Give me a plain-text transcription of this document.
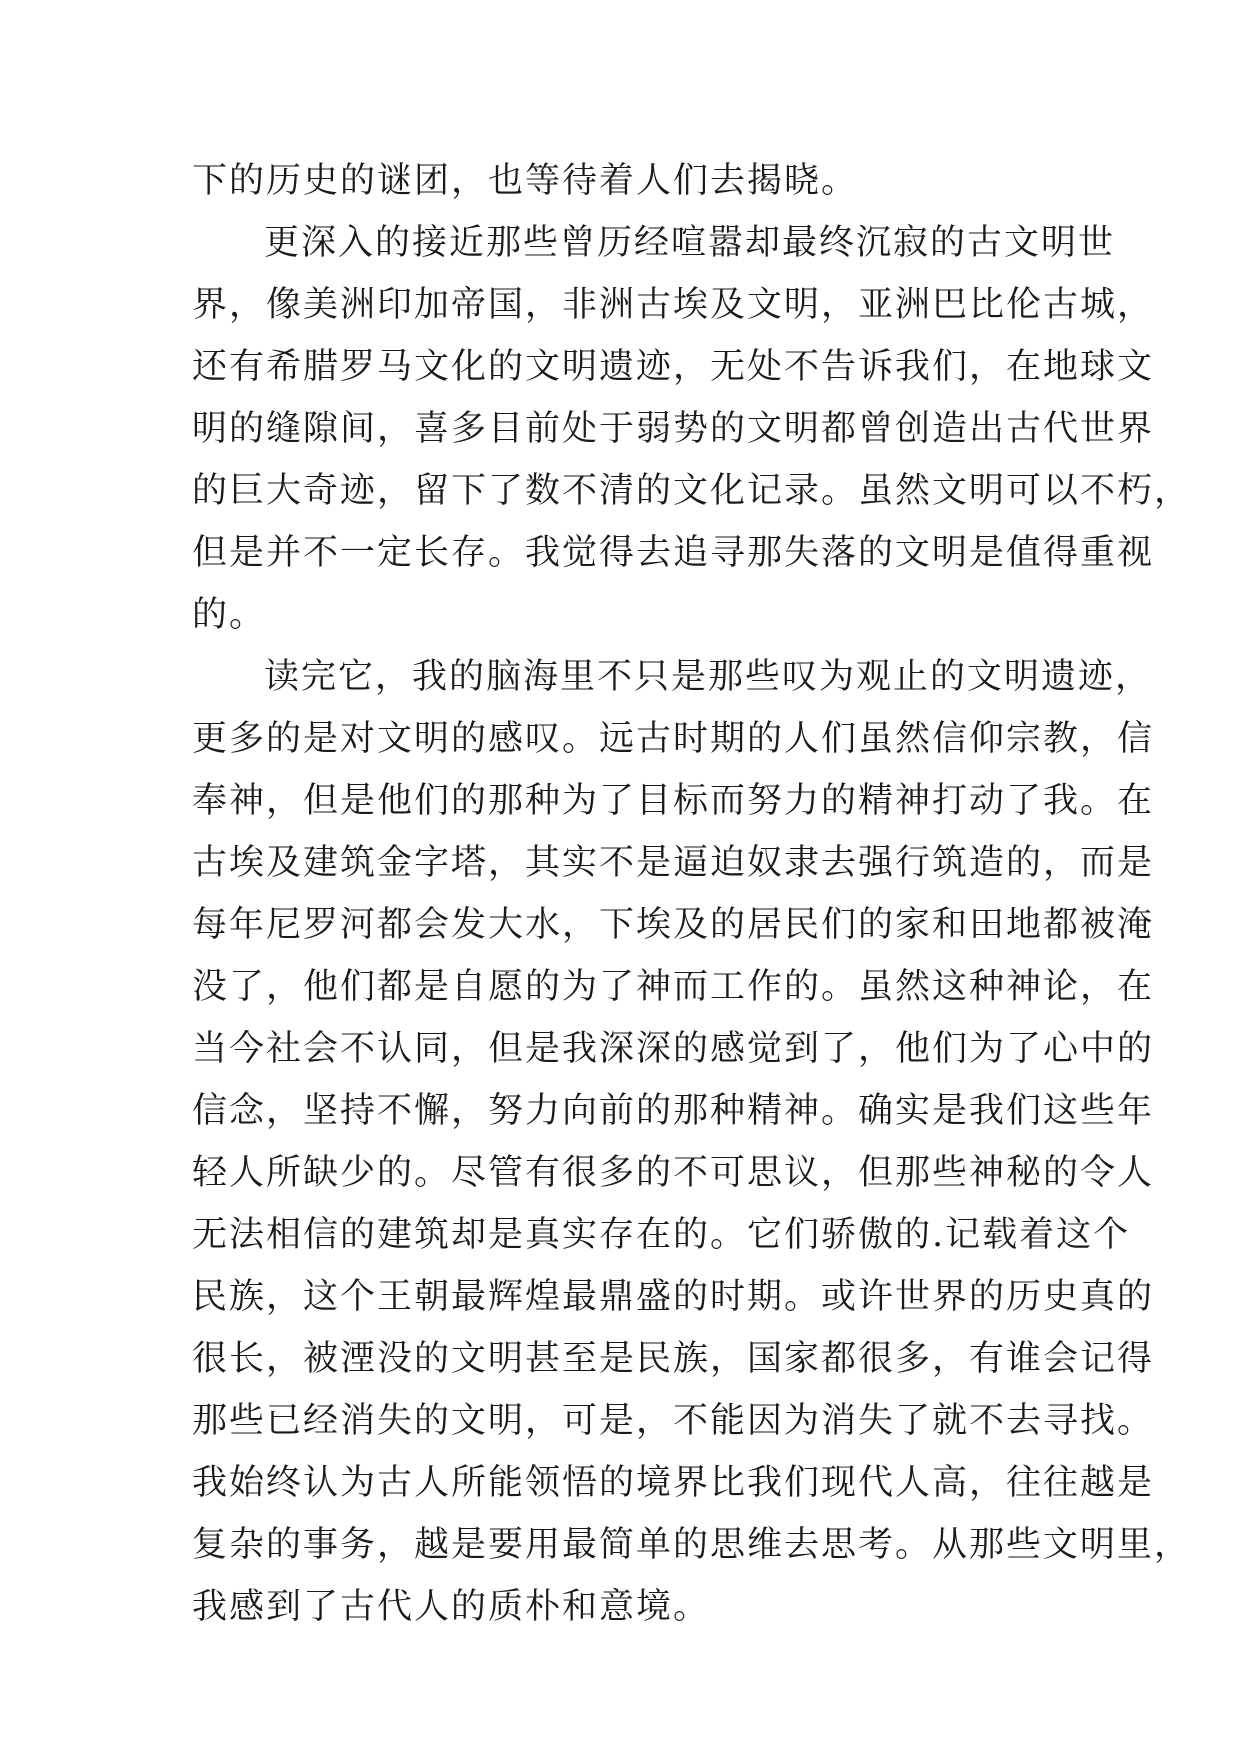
下的历史的谜团，也等待着人们去揭晓。
更深入的接近那些曾历经喧嚣却最终沉寂的古文明世
界，像美洲印加帝国，非洲古埃及文明，亚洲巴比伦古城，
还有希腊罗马文化的文明遗迹，无处不告诉我们，在地球文
明的缝隙间，喜多目前处于弱势的文明都曾创造出古代世界
的巨大奇迹，留下了数不清的文化记录。虽然文明可以不朽，
但是并不一定长存。我觉得去追寻那失落的文明是值得重视
的。
读完它，我的脑海里不只是那些叹为观止的文明遗迹，
更多的是对文明的感叹。远古时期的人们虽然信仰宗教，信
奉神，但是他们的那种为了目标而努力的精神打动了我。在
古埃及建筑金字塔，其实不是逼迫奴隶去强行筑造的，而是
每年尼罗河都会发大水，下埃及的居民们的家和田地都被淹
没了，他们都是自愿的为了神而工作的。虽然这种神论，在
当今社会不认同，但是我深深的感觉到了，他们为了心中的
信念，坚持不懈，努力向前的那种精神。确实是我们这些年
轻人所缺少的。尽管有很多的不可思议，但那些神秘的令人
无法相信的建筑却是真实存在的。它们骄傲的.记载着这个
民族，这个王朝最辉煌最鼎盛的时期。或许世界的历史真的
很长，被湮没的文明甚至是民族，国家都很多，有谁会记得
那些已经消失的文明，可是，不能因为消失了就不去寻找。
我始终认为古人所能领悟的境界比我们现代人高，往往越是
复杂的事务，越是要用最简单的思维去思考。从那些文明里，
我感到了古代人的质朴和意境。
